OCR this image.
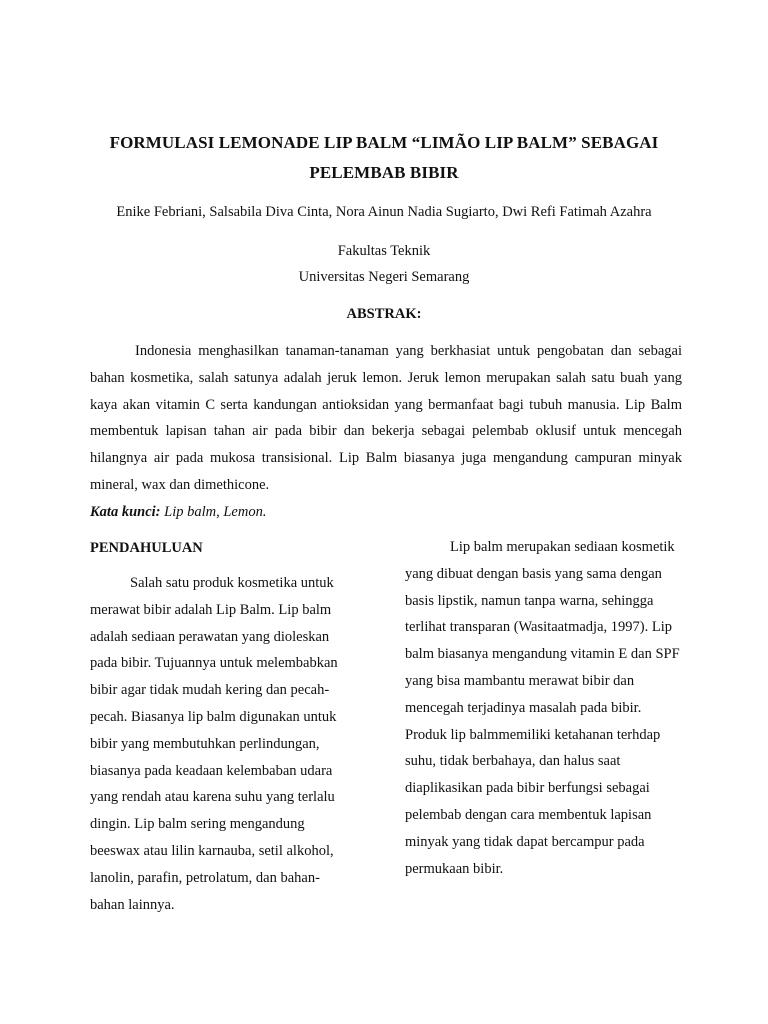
FORMULASI LEMONADE LIP BALM “LIMÃO LIP BALM” SEBAGAI PELEMBAB BIBIR
Enike Febriani, Salsabila Diva Cinta, Nora Ainun Nadia Sugiarto, Dwi Refi Fatimah Azahra
Fakultas Teknik
Universitas Negeri Semarang
ABSTRAK:

Indonesia menghasilkan tanaman-tanaman yang berkhasiat untuk pengobatan dan sebagai bahan kosmetika, salah satunya adalah jeruk lemon. Jeruk lemon merupakan salah satu buah yang kaya akan vitamin C serta kandungan antioksidan yang bermanfaat bagi tubuh manusia. Lip Balm membentuk lapisan tahan air pada bibir dan bekerja sebagai pelembab oklusif untuk mencegah hilangnya air pada mukosa transisional. Lip Balm biasanya juga mengandung campuran minyak mineral, wax dan dimethicone.

Kata kunci: Lip balm, Lemon.

PENDAHULUAN

Salah satu produk kosmetika untuk merawat bibir adalah Lip Balm. Lip balm adalah sediaan perawatan yang dioleskan pada bibir. Tujuannya untuk melembabkan bibir agar tidak mudah kering dan pecah-pecah. Biasanya lip balm digunakan untuk bibir yang membutuhkan perlindungan, biasanya pada keadaan kelembaban udara yang rendah atau karena suhu yang terlalu dingin. Lip balm sering mengandung beeswax atau lilin karnauba, setil alkohol, lanolin, parafin, petrolatum, dan bahan-bahan lainnya.

Lip balm merupakan sediaan kosmetik yang dibuat dengan basis yang sama dengan basis lipstik, namun tanpa warna, sehingga terlihat transparan (Wasitaatmadja, 1997). Lip balm biasanya mengandung vitamin E dan SPF yang bisa mambantu merawat bibir dan mencegah terjadinya masalah pada bibir. Produk lip balmmemiliki ketahanan terhdap suhu, tidak berbahaya, dan halus saat diaplikasikan pada bibir berfungsi sebagai pelembab dengan cara membentuk lapisan minyak yang tidak dapat bercampur pada permukaan bibir.
